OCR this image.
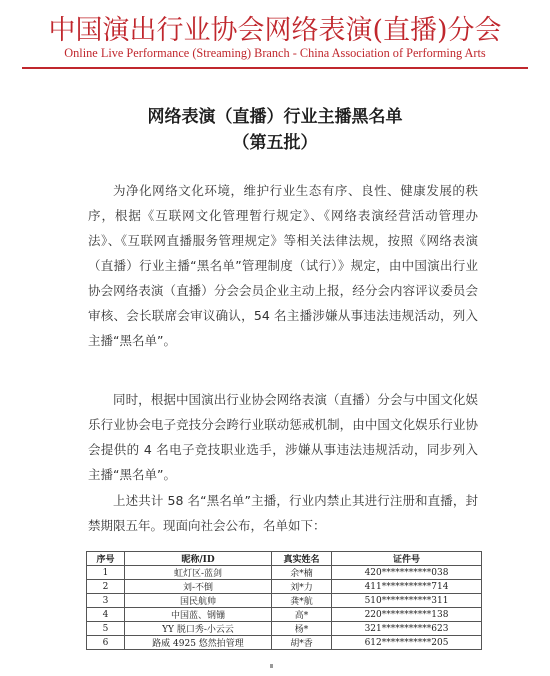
中国演出行业协会网络表演(直播)分会
Online Live Performance (Streaming) Branch - China Association of Performing Arts
网络表演（直播）行业主播黑名单
（第五批）

为净化网络文化环境，维护行业生态有序、良性、健康发展的秩序，根据《互联网文化管理暂行规定》、《网络表演经营活动管理办法》、《互联网直播服务管理规定》等相关法律法规，按照《网络表演（直播）行业主播“黑名单”管理制度（试行）》规定，由中国演出行业协会网络表演（直播）分会会员企业主动上报，经分会内容评议委员会审核、会长联席会审议确认，54 名主播涉嫌从事违法违规活动，列入主播“黑名单”。

同时，根据中国演出行业协会网络表演（直播）分会与中国文化娱乐行业协会电子竞技分会跨行业联动惩戒机制，由中国文化娱乐行业协会提供的 4 名电子竞技职业选手，涉嫌从事违法违规活动，同步列入主播“黑名单”。

上述共计 58 名“黑名单”主播，行业内禁止其进行注册和直播，封禁期限五年。现面向社会公布，名单如下：

序号	昵称/ID	真实姓名	证件号
1	虹灯区-蓝剑	余*楠	420***********038
2	刘-不倒	刘*力	411***********714
3	国民航帅	龚*航	510***********311
4	中国蓝、钢镚	高*	220***********138
5	YY 脱口秀-小云云	杨*	321***********623
6	路威 4925 悠然拍管理	胡*香	612***********205
